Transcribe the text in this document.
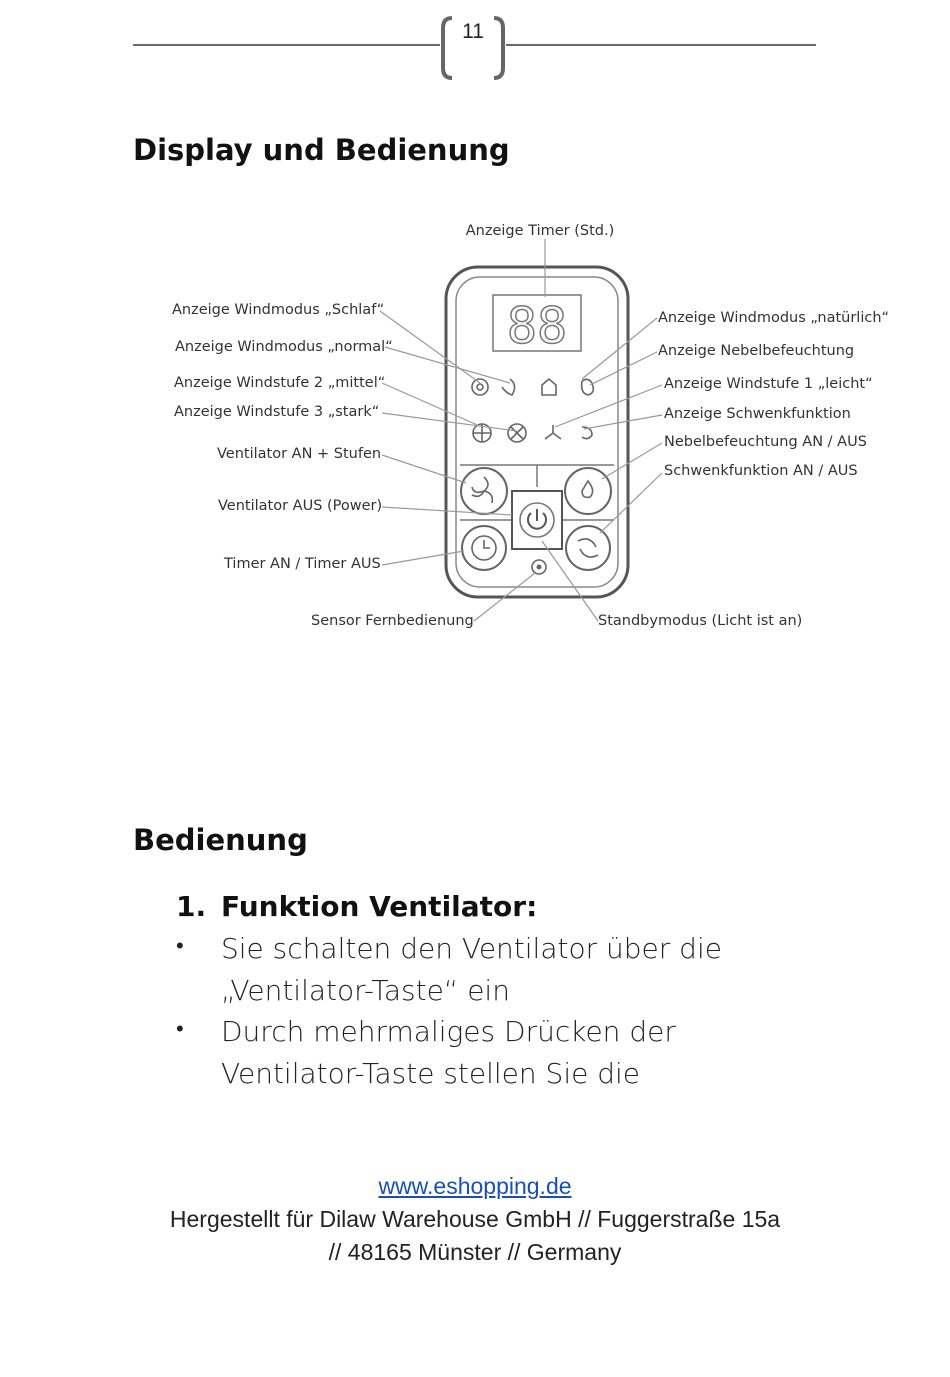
11
Display und Bedienung
88
Anzeige Timer (Std.)
Anzeige Windmodus „Schlaf“
Anzeige Windmodus „normal“
Anzeige Windstufe 2 „mittel“
Anzeige Windstufe 3 „stark“
Ventilator AN + Stufen
Ventilator AUS (Power)
Timer AN / Timer AUS
Sensor Fernbedienung
Anzeige Windmodus „natürlich“
Anzeige Nebelbefeuchtung
Anzeige Windstufe 1 „leicht“
Anzeige Schwenkfunktion
Nebelbefeuchtung AN / AUS
Schwenkfunktion AN / AUS
Standbymodus (Licht ist an)
Bedienung
1. Funktion Ventilator:
• Sie schalten den Ventilator über die „Ventilator-Taste“ ein
• Durch mehrmaliges Drücken der Ventilator-Taste stellen Sie die
www.eshopping.de
Hergestellt für Dilaw Warehouse GmbH // Fuggerstraße 15a
// 48165 Münster // Germany
